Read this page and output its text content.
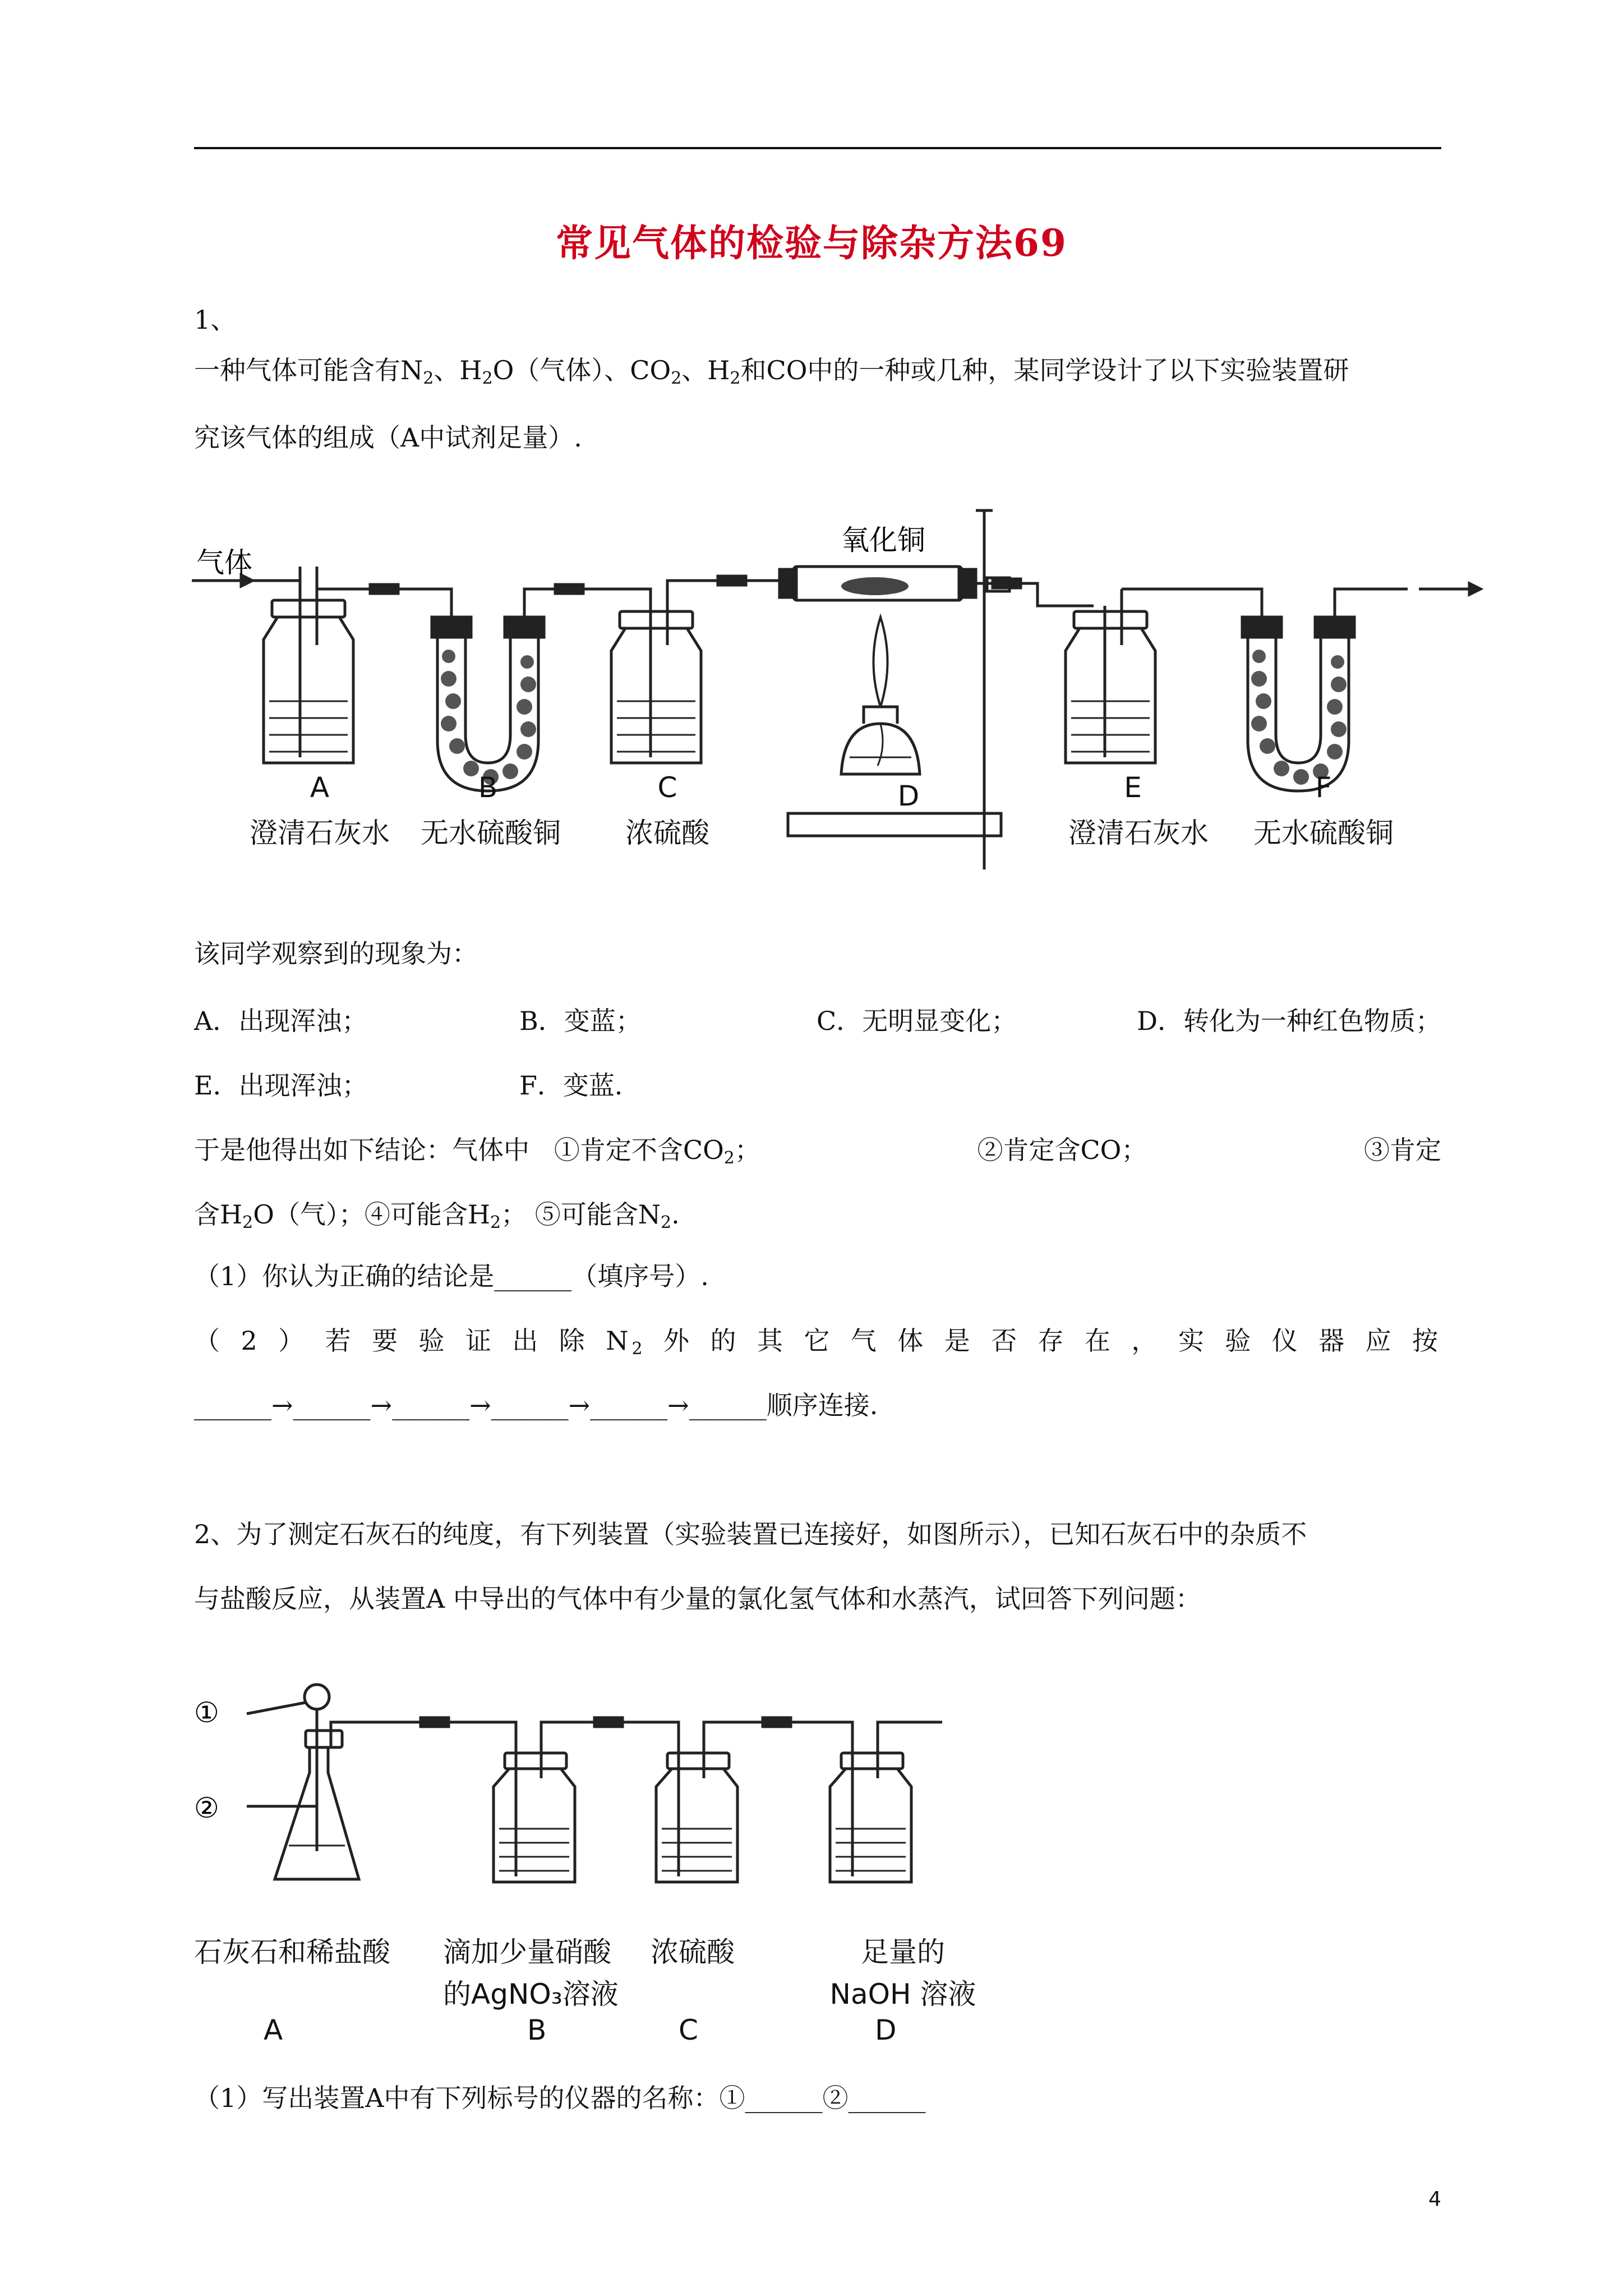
常见气体的检验与除杂方法69
1、
一种气体可能含有$N_2$、$H_2O$（气体）、$CO_2$、$H_2$和CO中的一种或几种，某同学设计了以下实验装置研
究该气体的组成（A中试剂足量）.
气体
氧化铜
A
澄清石灰水
B
无水硫酸铜
C
浓硫酸
D	E
澄清石灰水
F
无水硫酸铜
该同学观察到的现象为：
A．出现浑浊；	B．变蓝；	C．无明显变化；	D．转化为一种红色物质；
E．出现浑浊；	F．变蓝．
于是他得出如下结论：气体中 ①肯定不含$CO_2$；	②肯定含CO；	③肯定
含$H_2O$（气）；④可能含$H_2$； ⑤可能含$N_2$.
（1）你认为正确的结论是______（填序号）.
（2）若要验证出除$N_2$外的其它气体是否存在，实验仪器应按
______→______→______→______→______→______顺序连接.
2、为了测定石灰石的纯度，有下列装置（实验装置已连接好，如图所示），已知石灰石中的杂质不
与盐酸反应，从装置A 中导出的气体中有少量的氯化氢气体和水蒸汽，试回答下列问题：
①
②
石灰石和稀盐酸	滴加少量硝酸
的AgNO₃溶液
浓硫酸	足量的
NaOH 溶液
A	B	C	D
（1）写出装置A中有下列标号的仪器的名称：①______②______
4
